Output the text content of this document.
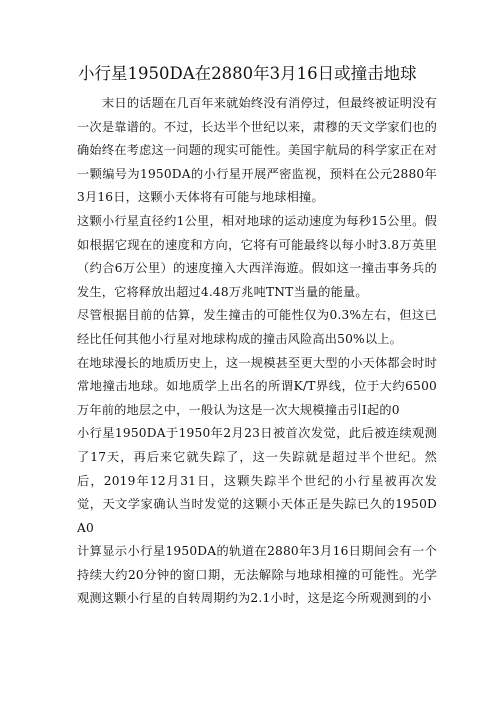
小行星1950DA在2880年3月16日或撞击地球

末日的话题在几百年来就始终没有消停过，但最终被证明没有一次是靠谱的。不过，长达半个世纪以来，肃穆的天文学家们也的确始终在考虑这一问题的现实可能性。美国宇航局的科学家正在对一颗编号为1950DA的小行星开展严密监视，预料在公元2880年3月16日，这颗小天体将有可能与地球相撞。

这颗小行星直径约1公里，相对地球的运动速度为每秒15公里。假如根据它现在的速度和方向，它将有可能最终以每小时3.8万英里（约合6万公里）的速度撞入大西洋海遊。假如这一撞击事务兵的发生，它将释放出超过4.48万兆吨TNT当量的能量。

尽管根据目前的估算，发生撞击的可能性仅为0.3%左右，但这已经比任何其他小行星对地球构成的撞击风险高出50%以上。

在地球漫长的地质历史上，这一规模甚至更大型的小天体都会时时常地撞击地球。如地质学上出名的所谓K/T界线，位于大约6500万年前的地层之中，一般认为这是一次大规模撞击引Ⅰ起的0

小行星1950DA于1950年2月23日被首次发觉，此后被连续观测了17天，再后来它就失踪了，这一失踪就是超过半个世纪。然后，2019年12月31日，这颗失踪半个世纪的小行星被再次发觉，天文学家确认当时发觉的这颗小天体正是失踪已久的1950DA0

计算显示小行星1950DA的轨道在2880年3月16日期间会有一个持续大约20分钟的窗口期，无法解除与地球相撞的可能性。光学观测这颗小行星的自转周期约为2.1小时，这是迄今所观测到的小
